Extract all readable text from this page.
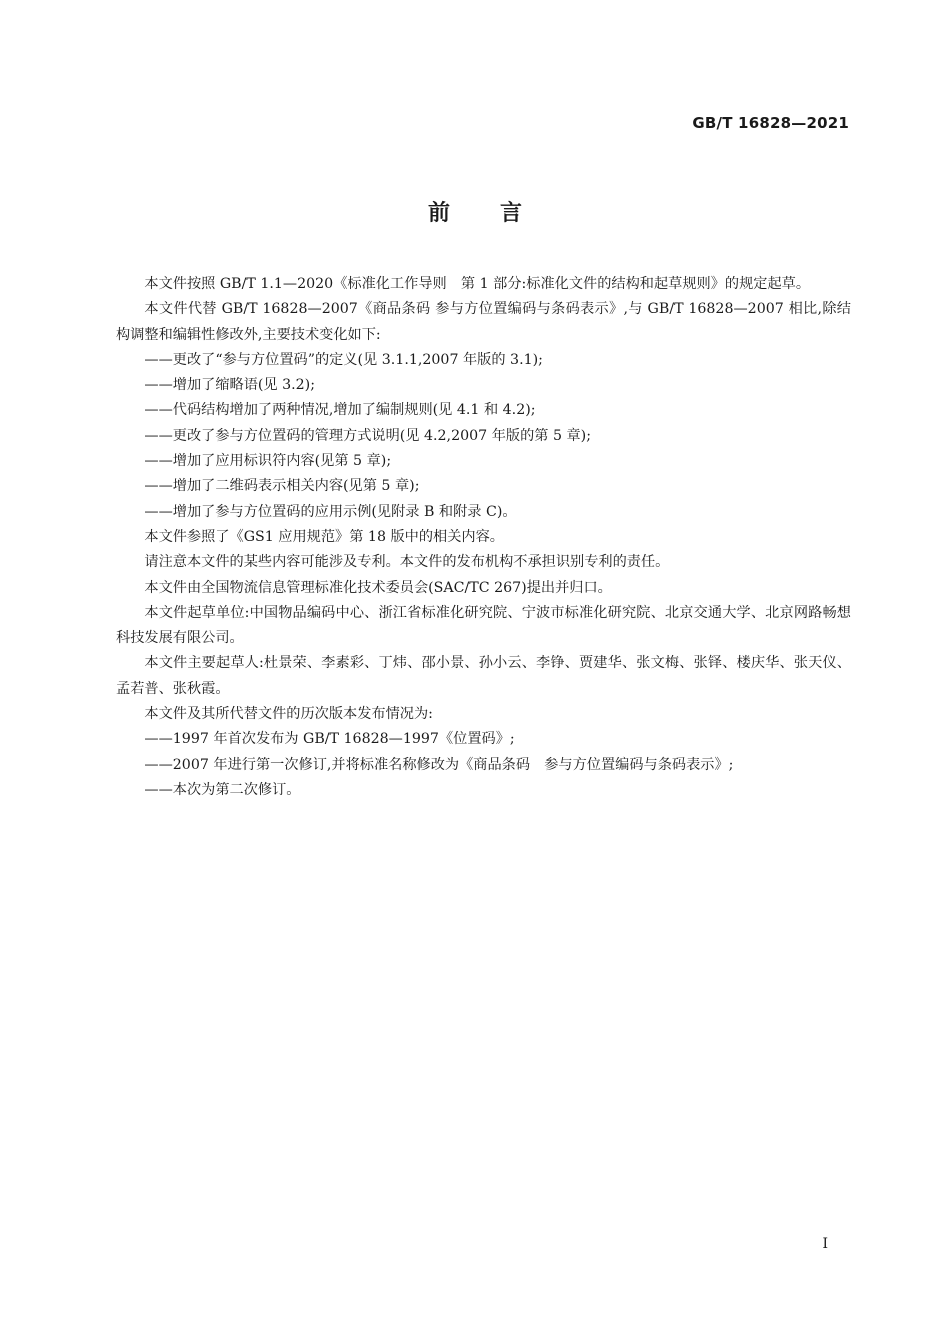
GB/T 16828—2021
前言

本文件按照 GB/T 1.1—2020《标准化工作导则　第 1 部分:标准化文件的结构和起草规则》的规定起草。

本文件代替 GB/T 16828—2007《商品条码 参与方位置编码与条码表示》,与 GB/T 16828—2007 相比,除结构调整和编辑性修改外,主要技术变化如下:

——更改了“参与方位置码”的定义(见 3.1.1,2007 年版的 3.1);

——增加了缩略语(见 3.2);

——代码结构增加了两种情况,增加了编制规则(见 4.1 和 4.2);

——更改了参与方位置码的管理方式说明(见 4.2,2007 年版的第 5 章);

——增加了应用标识符内容(见第 5 章);

——增加了二维码表示相关内容(见第 5 章);

——增加了参与方位置码的应用示例(见附录 B 和附录 C)。

本文件参照了《GS1 应用规范》第 18 版中的相关内容。

请注意本文件的某些内容可能涉及专利。本文件的发布机构不承担识别专利的责任。

本文件由全国物流信息管理标准化技术委员会(SAC/TC 267)提出并归口。

本文件起草单位:中国物品编码中心、浙江省标准化研究院、宁波市标准化研究院、北京交通大学、北京网路畅想科技发展有限公司。

本文件主要起草人:杜景荣、李素彩、丁炜、邵小景、孙小云、李铮、贾建华、张文梅、张铎、楼庆华、张天仪、孟若普、张秋霞。

本文件及其所代替文件的历次版本发布情况为:

——1997 年首次发布为 GB/T 16828—1997《位置码》;

——2007 年进行第一次修订,并将标准名称修改为《商品条码　参与方位置编码与条码表示》;

——本次为第二次修订。

I
